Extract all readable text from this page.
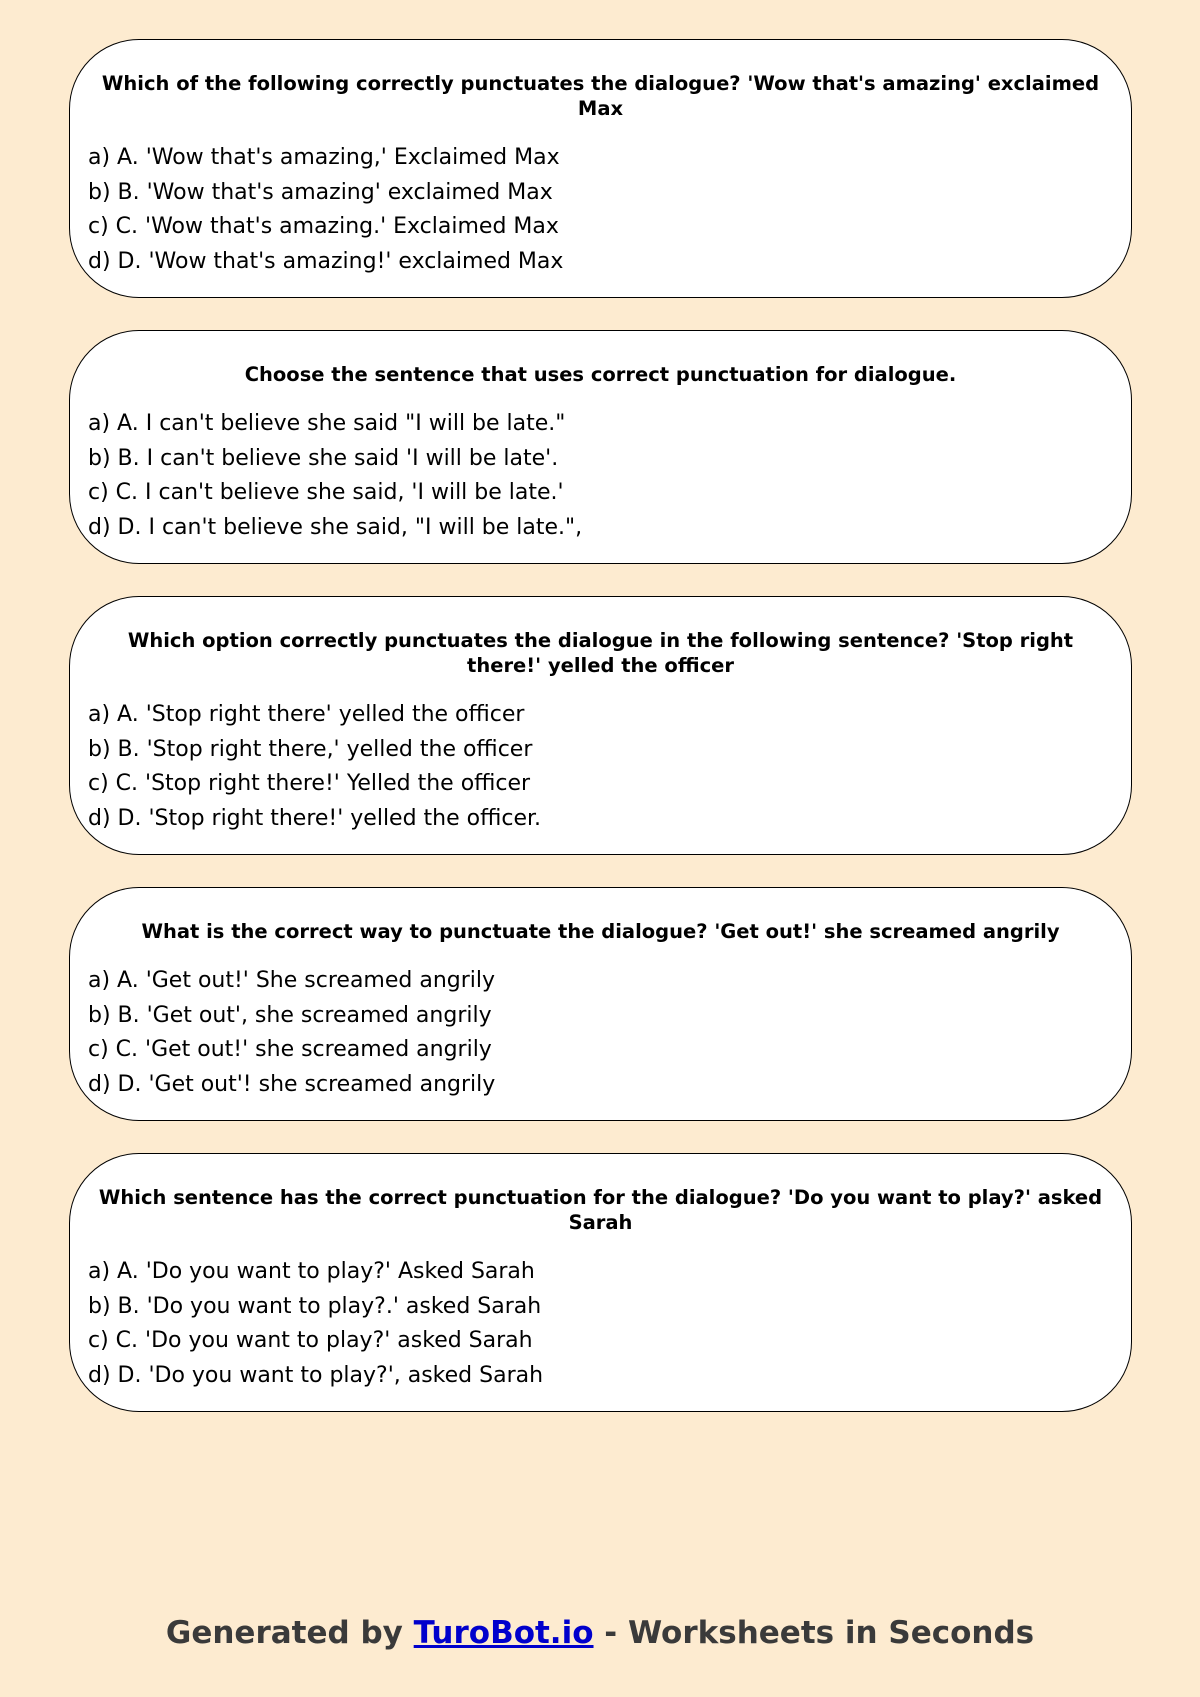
Which of the following correctly punctuates the dialogue? 'Wow that's amazing' exclaimed Max
a) A. 'Wow that's amazing,' Exclaimed Max
b) B. 'Wow that's amazing' exclaimed Max
c) C. 'Wow that's amazing.' Exclaimed Max
d) D. 'Wow that's amazing!' exclaimed Max
Choose the sentence that uses correct punctuation for dialogue.
a) A. I can't believe she said "I will be late."
b) B. I can't believe she said 'I will be late'.
c) C. I can't believe she said, 'I will be late.'
d) D. I can't believe she said, "I will be late.",
Which option correctly punctuates the dialogue in the following sentence? 'Stop right there!' yelled the officer
a) A. 'Stop right there' yelled the officer
b) B. 'Stop right there,' yelled the officer
c) C. 'Stop right there!' Yelled the officer
d) D. 'Stop right there!' yelled the officer.
What is the correct way to punctuate the dialogue? 'Get out!' she screamed angrily
a) A. 'Get out!' She screamed angrily
b) B. 'Get out', she screamed angrily
c) C. 'Get out!' she screamed angrily
d) D. 'Get out'! she screamed angrily
Which sentence has the correct punctuation for the dialogue? 'Do you want to play?' asked Sarah
a) A. 'Do you want to play?' Asked Sarah
b) B. 'Do you want to play?.' asked Sarah
c) C. 'Do you want to play?' asked Sarah
d) D. 'Do you want to play?', asked Sarah
Generated by TuroBot.io - Worksheets in Seconds
